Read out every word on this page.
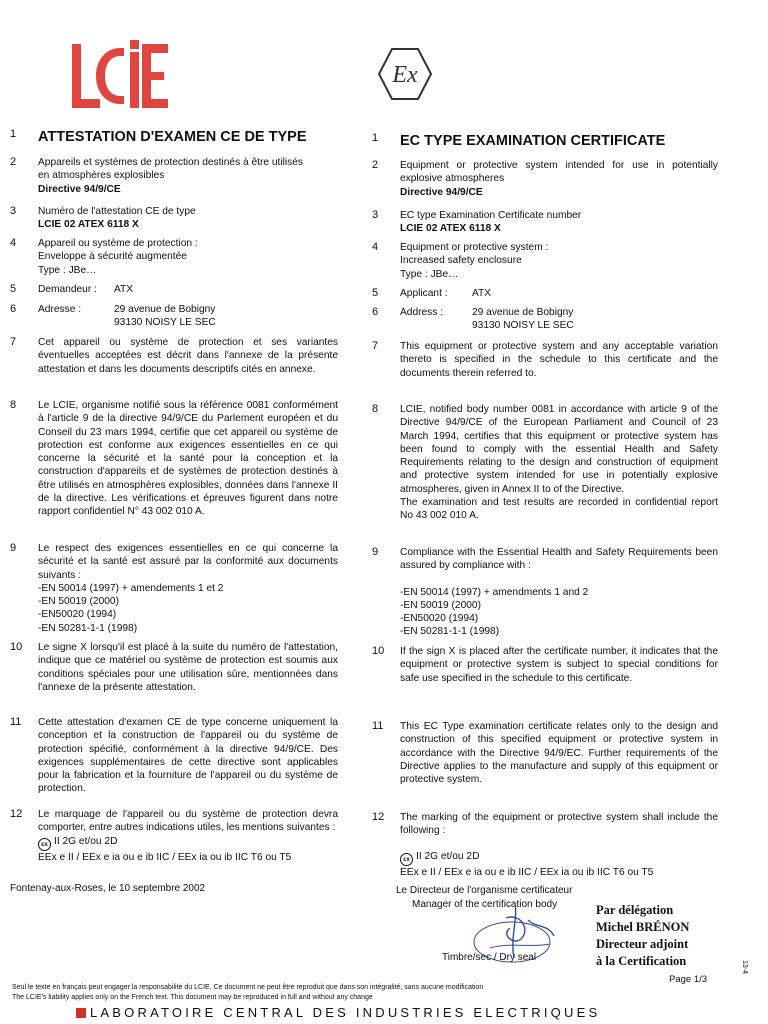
Ex
1	ATTESTATION D'EXAMEN CE DE TYPE
2	Appareils et systèmes de protection destinés à être utilisés
en atmosphères explosibles
Directive 94/9/CE
3	Numéro de l'attestation CE de type
LCIE 02 ATEX 6118 X
4	Appareil ou système de protection :
Enveloppe à sécurité augmentée
Type : JBe…
5	Demandeur :	ATX
6	Adresse :	29 avenue de Bobigny
93130 NOISY LE SEC
7	Cet appareil ou système de protection et ses variantes éventuelles acceptées est décrit dans l'annexe de la présente attestation et dans les documents descriptifs cités en annexe.
8	Le LCIE, organisme notifié sous la référence 0081 conformément à l'article 9 de la directive 94/9/CE du Parlement européen et du Conseil du 23 mars 1994, certifie que cet appareil ou système de protection est conforme aux exigences essentielles en ce qui concerne la sécurité et la santé pour la conception et la construction d'appareils et de systèmes de protection destinés à être utilisés en atmosphères explosibles, données dans l'annexe II de la directive. Les vérifications et épreuves figurent dans notre rapport confidentiel N° 43 002 010 A.
9	Le respect des exigences essentielles en ce qui concerne la sécurité et la santé est assuré par la conformité aux documents suivants :
-EN 50014 (1997) + amendements 1 et 2
-EN 50019 (2000)
-EN50020 (1994)
-EN 50281-1-1 (1998)
10	Le signe X lorsqu'il est placé à la suite du numéro de l'attestation, indique que ce matériel ou système de protection est soumis aux conditions spéciales pour une utilisation sûre, mentionnées dans l'annexe de la présente attestation.
11	Cette attestation d'examen CE de type concerne uniquement la conception et la construction de l'appareil ou du système de protection spécifié, conformément à la directive 94/9/CE. Des exigences supplémentaires de cette directive sont applicables pour la fabrication et la fourniture de l'appareil ou du système de protection.
12	Le marquage de l'appareil ou du système de protection devra comporter, entre autres indications utiles, les mentions suivantes :
εx II 2G et/ou 2D
EEx e II / EEx e ia ou e ib IIC / EEx ia ou ib IIC T6 ou T5
Fontenay-aux-Roses, le 10 septembre 2002
1	EC TYPE EXAMINATION CERTIFICATE
2	Equipment or protective system intended for use in potentially explosive atmospheres
Directive 94/9/CE
3	EC type Examination Certificate number
LCIE 02 ATEX 6118 X
4	Equipment or protective system :
Increased safety enclosure
Type : JBe…
5	Applicant :	ATX
6	Address :	29 avenue de Bobigny
93130 NOISY LE SEC
7	This equipment or protective system and any acceptable variation thereto is specified in the schedule to this certificate and the documents therein referred to.
8	LCIE, notified body number 0081 in accordance with article 9 of the Directive 94/9/CE of the European Parliament and Council of 23 March 1994, certifies that this equipment or protective system has been found to comply with the essential Health and Safety Requirements relating to the design and construction of equipment and protective system intended for use in potentially explosive atmospheres, given in Annex II to of the Directive.
The examination and test results are recorded in confidential report No 43 002 010 A.
9	Compliance with the Essential Health and Safety Requirements been assured by compliance with :
-EN 50014 (1997) + amendments 1 and 2
-EN 50019 (2000)
-EN50020 (1994)
-EN 50281-1-1 (1998)
10	If the sign X is placed after the certificate number, it indicates that the equipment or protective system is subject to special conditions for safe use specified in the schedule to this certificate.
11	This EC Type examination certificate relates only to the design and construction of this specified equipment or protective system in accordance with the Directive 94/9/EC. Further requirements of the Directive applies to the manufacture and supply of this equipment or protective system.
12	The marking of the equipment or protective system shall include the following :
εx II 2G et/ou 2D
EEx e II / EEx e ia ou e ib IIC / EEx ia ou ib IIC T6 ou T5
Le Directeur de l'organisme certificateur
Manager of the certification body
Timbre/sec / Dry seal
Par délégation
Michel BRÉNON
Directeur adjoint
à la Certification
Page 1/3
13-4
Seul le texte en français peut engager la responsabilité du LCIE. Ce document ne peut être reproduit que dans son intégralité, sans aucune modification
The LCIE's liability applies only on the French text. This document may be reproduced in full and without any change
LABORATOIRE CENTRAL DES INDUSTRIES ELECTRIQUES
